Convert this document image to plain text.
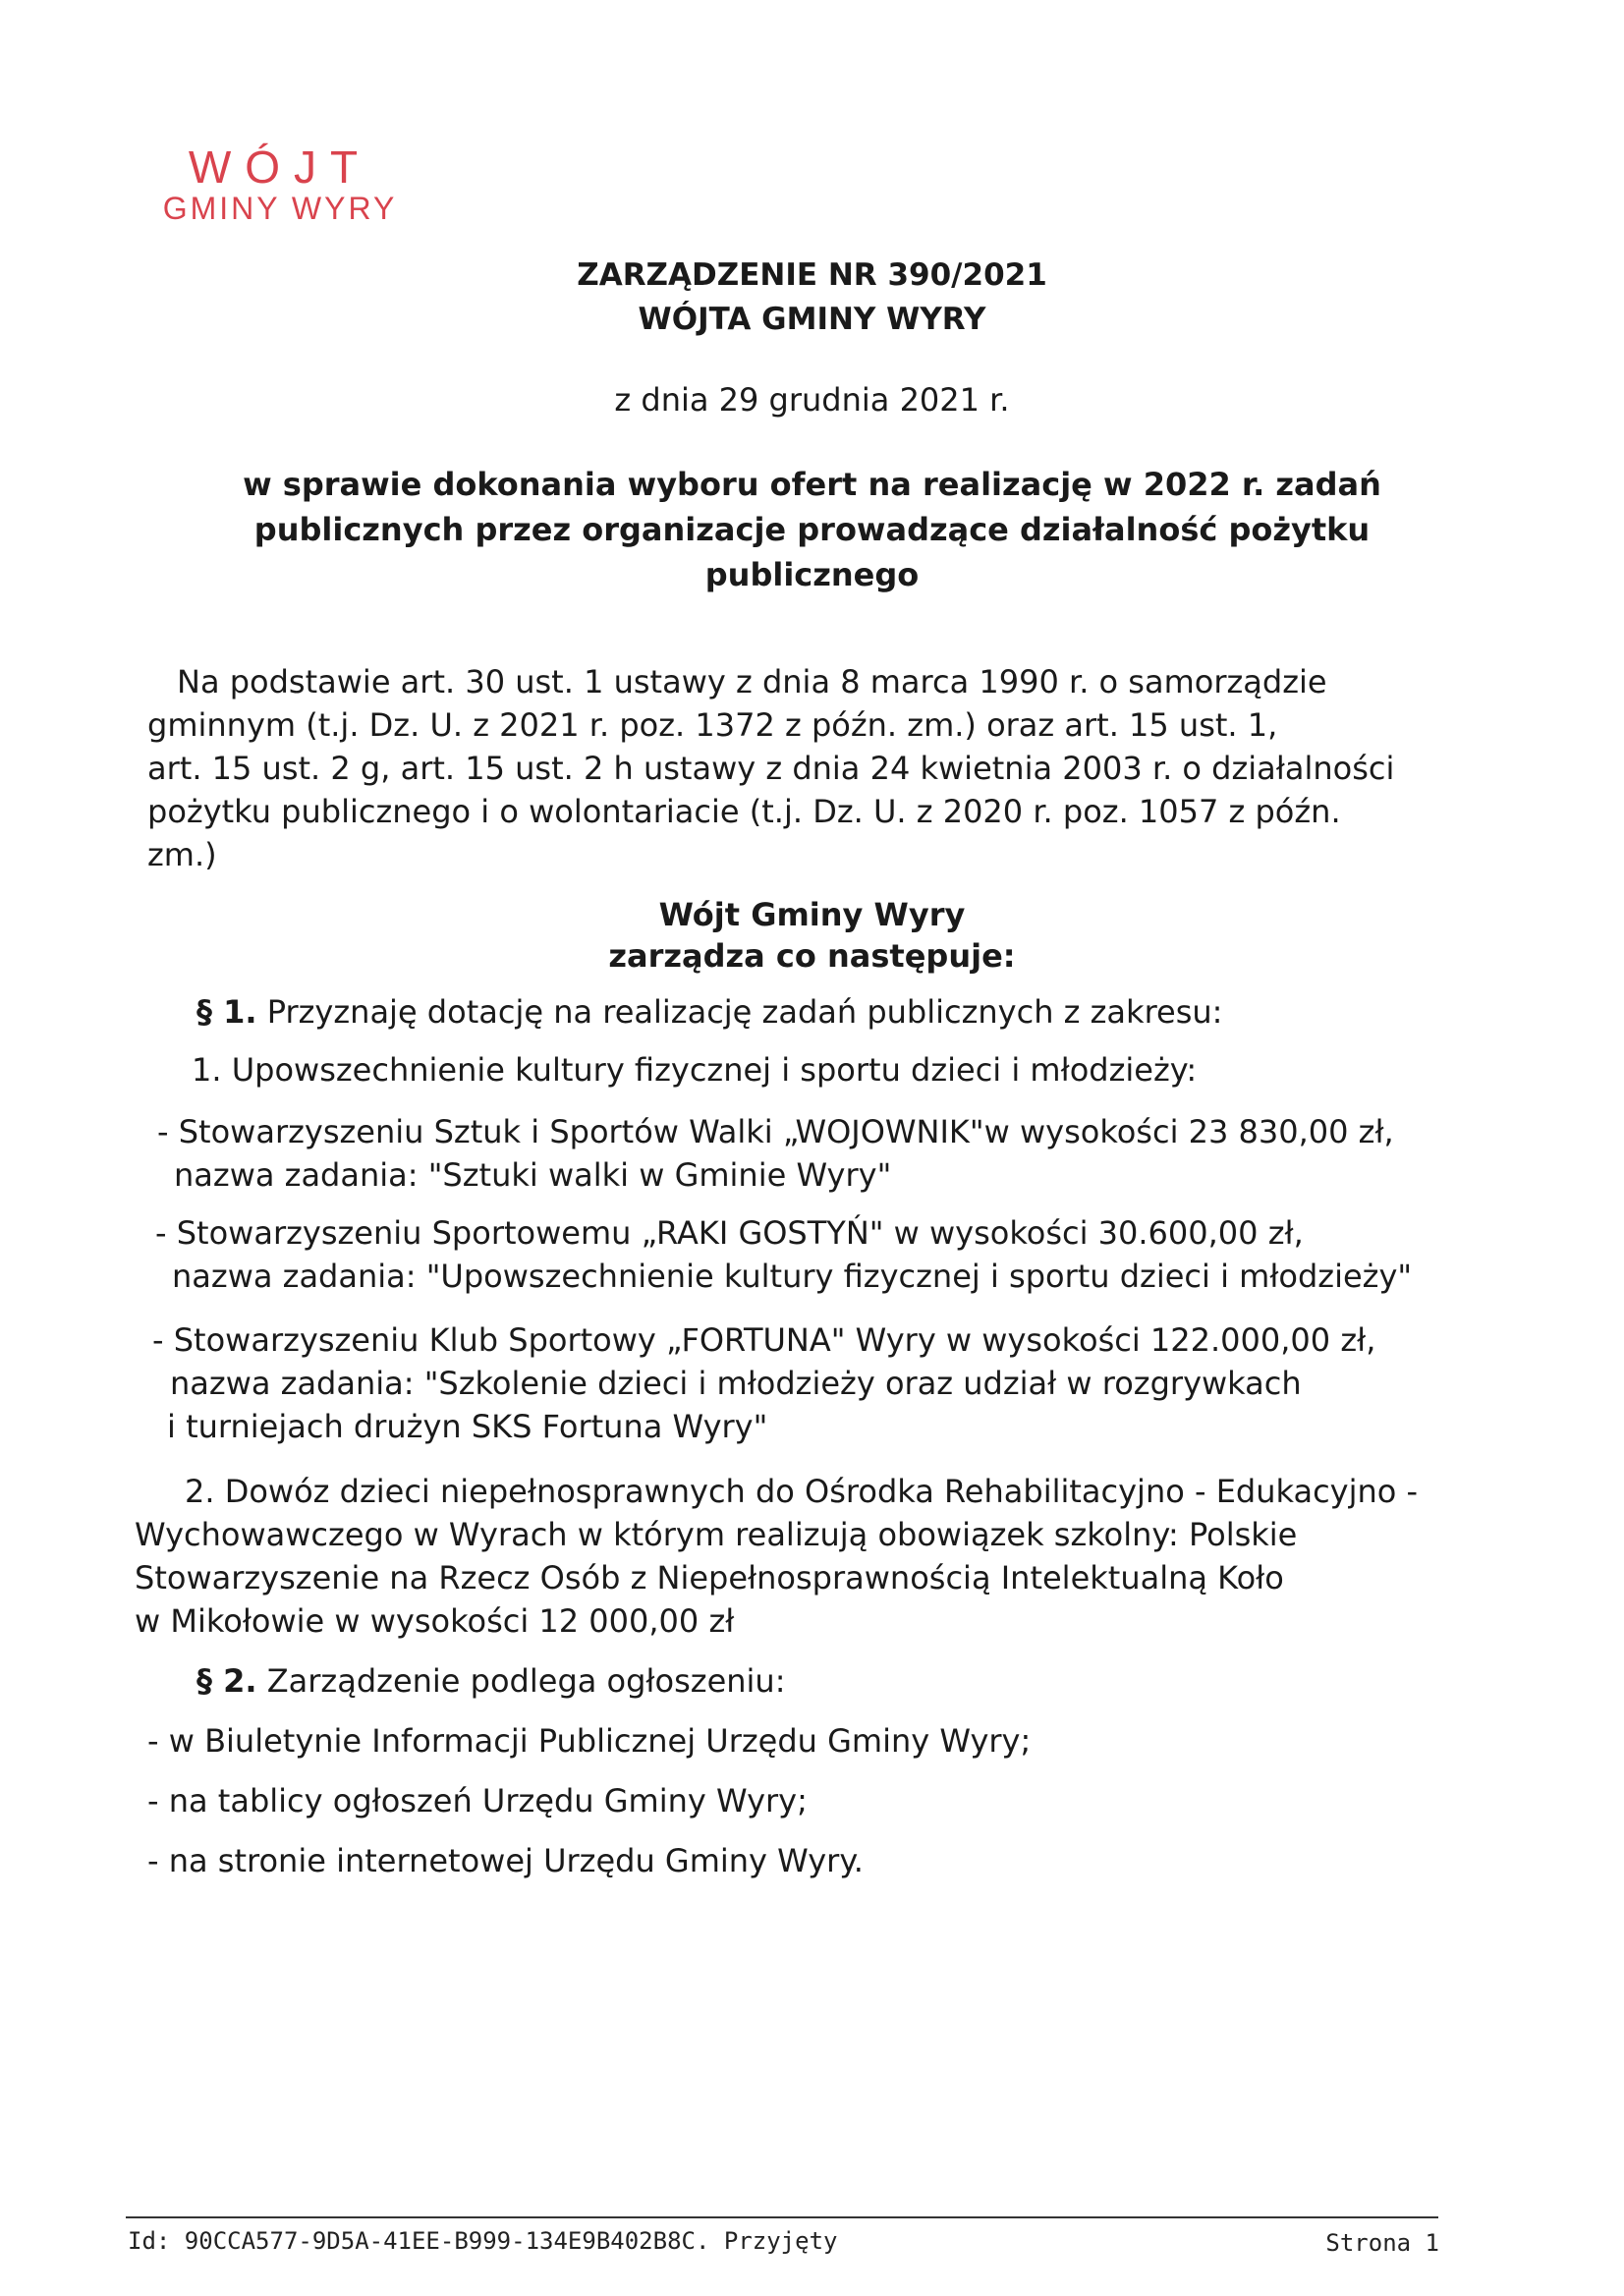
WÓJT
GMINY WYRY
ZARZĄDZENIE NR 390/2021
WÓJTA GMINY WYRY
z dnia 29 grudnia 2021 r.
w sprawie dokonania wyboru ofert na realizację w 2022 r. zadań
publicznych przez organizacje prowadzące działalność pożytku
publicznego
Na podstawie art. 30 ust. 1 ustawy z dnia 8 marca 1990 r. o samorządzie
gminnym (t.j. Dz. U. z 2021 r. poz. 1372 z późn. zm.) oraz art. 15 ust. 1,
art. 15 ust. 2 g, art. 15 ust. 2 h ustawy z dnia 24 kwietnia 2003 r. o działalności
pożytku publicznego i o wolontariacie (t.j. Dz. U. z 2020 r. poz. 1057 z późn.
zm.)
Wójt Gminy Wyry
zarządza co następuje:
§ 1. Przyznaję dotację na realizację zadań publicznych z zakresu:
1. Upowszechnienie kultury fizycznej i sportu dzieci i młodzieży:
- Stowarzyszeniu Sztuk i Sportów Walki „WOJOWNIK"w wysokości 23 830,00 zł,
nazwa zadania: "Sztuki walki w Gminie Wyry"
- Stowarzyszeniu Sportowemu „RAKI GOSTYŃ" w wysokości 30.600,00 zł,
nazwa zadania: "Upowszechnienie kultury fizycznej i sportu dzieci i młodzieży"
- Stowarzyszeniu Klub Sportowy „FORTUNA" Wyry w wysokości 122.000,00 zł,
nazwa zadania: "Szkolenie dzieci i młodzieży oraz udział w rozgrywkach
i turniejach drużyn SKS Fortuna Wyry"
2. Dowóz dzieci niepełnosprawnych do Ośrodka Rehabilitacyjno - Edukacyjno -
Wychowawczego w Wyrach w którym realizują obowiązek szkolny: Polskie
Stowarzyszenie na Rzecz Osób z Niepełnosprawnością Intelektualną Koło
w Mikołowie w wysokości 12 000,00 zł
§ 2. Zarządzenie podlega ogłoszeniu:
- w Biuletynie Informacji Publicznej Urzędu Gminy Wyry;
- na tablicy ogłoszeń Urzędu Gminy Wyry;
- na stronie internetowej Urzędu Gminy Wyry.
Id: 90CCA577-9D5A-41EE-B999-134E9B402B8C. Przyjęty	Strona 1
